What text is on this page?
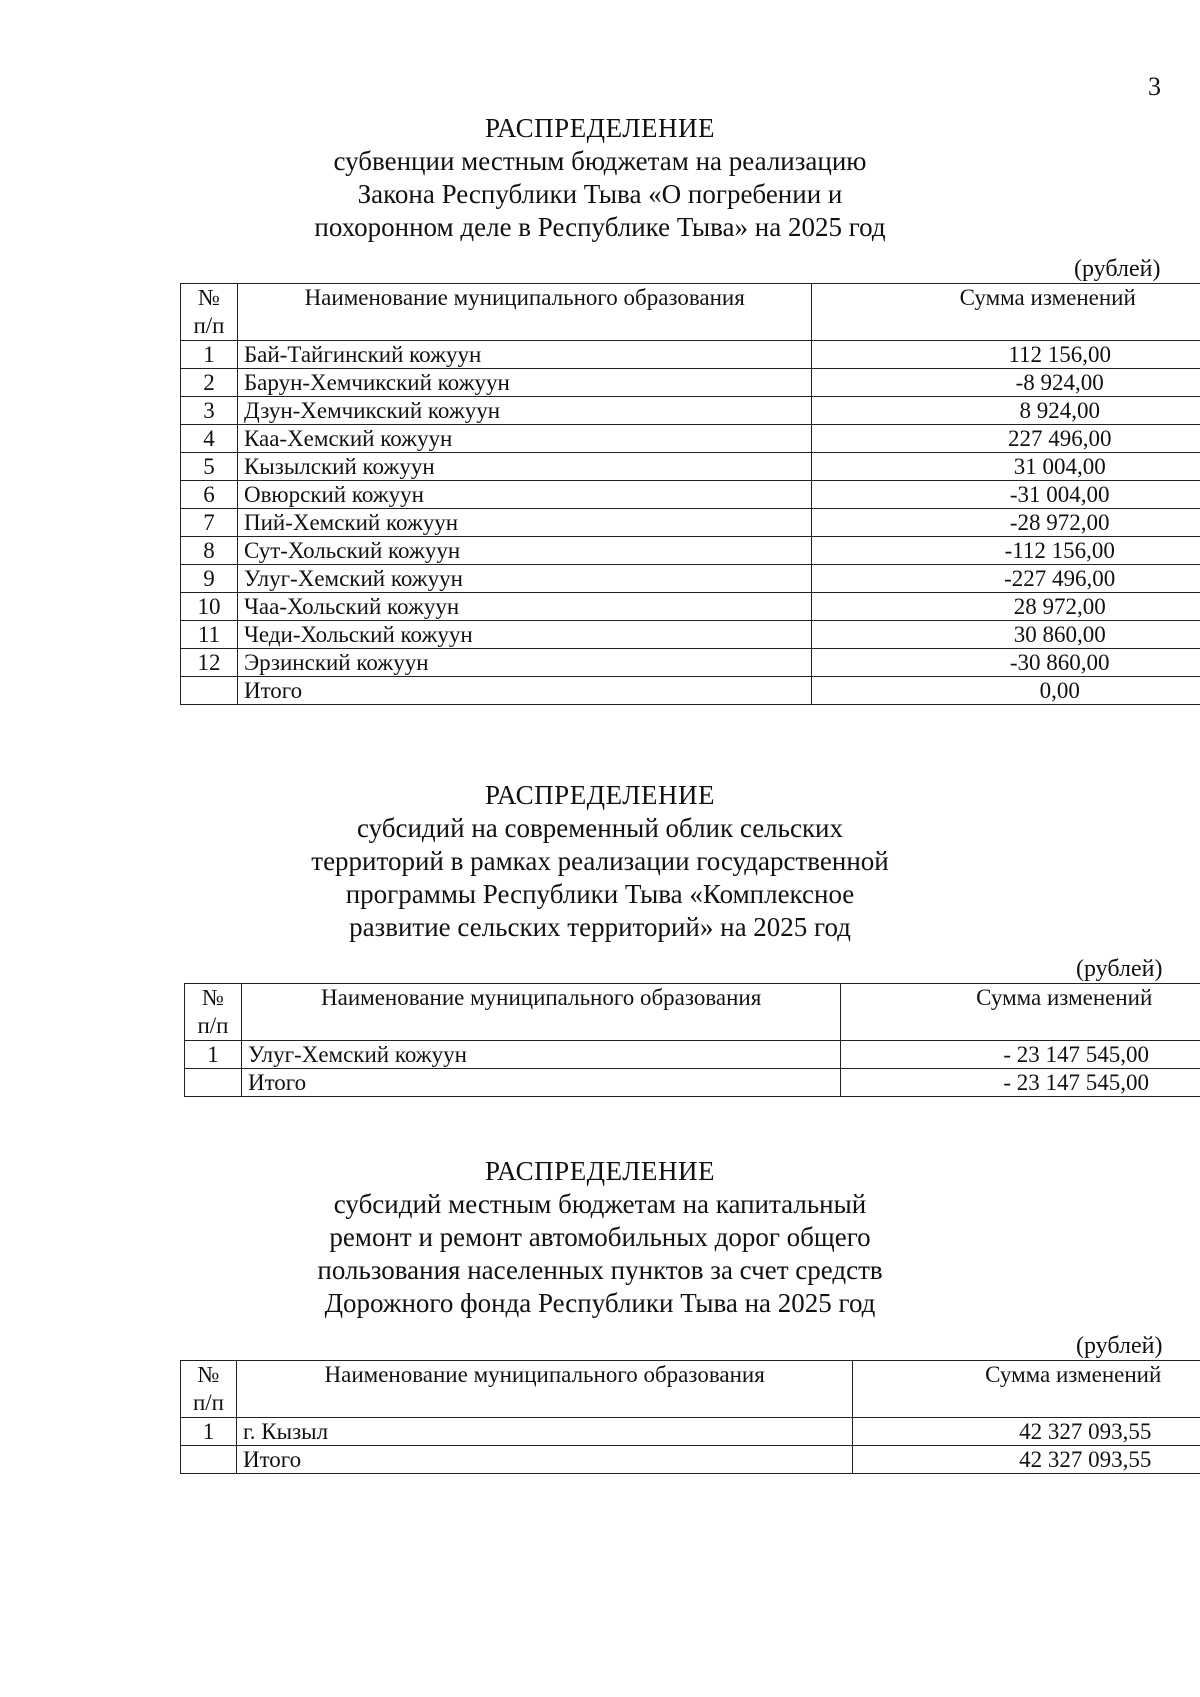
3
РАСПРЕДЕЛЕНИЕ
субвенции местным бюджетам на реализацию
Закона Республики Тыва «О погребении и
похоронном деле в Республике Тыва» на 2025 год
(рублей)
№
п/п	Наименование муниципального образования	Сумма изменений
1	Бай-Тайгинский кожуун	112 156,00
2	Барун-Хемчикский кожуун	-8 924,00
3	Дзун-Хемчикский кожуун	8 924,00
4	Каа-Хемский кожуун	227 496,00
5	Кызылский кожуун	31 004,00
6	Овюрский кожуун	-31 004,00
7	Пий-Хемский кожуун	-28 972,00
8	Сут-Хольский кожуун	-112 156,00
9	Улуг-Хемский кожуун	-227 496,00
10	Чаа-Хольский кожуун	28 972,00
11	Чеди-Хольский кожуун	30 860,00
12	Эрзинский кожуун	-30 860,00
	Итого	0,00
РАСПРЕДЕЛЕНИЕ
субсидий на современный облик сельских
территорий в рамках реализации государственной
программы Республики Тыва «Комплексное
развитие сельских территорий» на 2025 год
(рублей)
№
п/п	Наименование муниципального образования	Сумма изменений
1	Улуг-Хемский кожуун	- 23 147 545,00
	Итого	- 23 147 545,00
РАСПРЕДЕЛЕНИЕ
субсидий местным бюджетам на капитальный
ремонт и ремонт автомобильных дорог общего
пользования населенных пунктов за счет средств
Дорожного фонда Республики Тыва на 2025 год
(рублей)
№
п/п	Наименование муниципального образования	Сумма изменений
1	г. Кызыл	42 327 093,55
	Итого	42 327 093,55
